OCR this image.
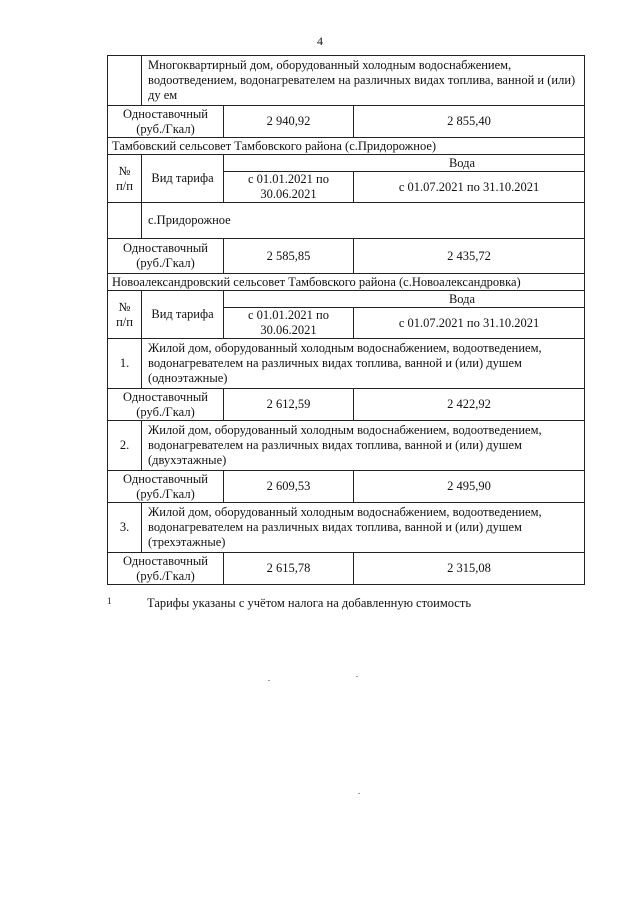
4
	Многоквартирный дом, оборудованный холодным водоснабжением, водоотведением, водонагревателем на различных видах топлива, ванной и (или) ду ем		
Одноставочный (руб./Гкал)		2 940,92	2 855,40
Тамбовский сельсовет Тамбовского района (с.Придорожное)			
№ п/п	Вид тарифа	Вода	
		с 01.01.2021 по 30.06.2021	с 01.07.2021 по 31.10.2021
	с.Придорожное		
Одноставочный (руб./Гкал)		2 585,85	2 435,72
Новоалександровский сельсовет Тамбовского района (с.Новоалександровка)			
№ п/п	Вид тарифа	Вода	
		с 01.01.2021 по 30.06.2021	с 01.07.2021 по 31.10.2021
1.	Жилой дом, оборудованный холодным водоснабжением, водоотведением, водонагревателем на различных видах топлива, ванной и (или) душем (одноэтажные)		
Одноставочный (руб./Гкал)		2 612,59	2 422,92
2.	Жилой дом, оборудованный холодным водоснабжением, водоотведением, водонагревателем на различных видах топлива, ванной и (или) душем (двухэтажные)		
Одноставочный (руб./Гкал)		2 609,53	2 495,90
3.	Жилой дом, оборудованный холодным водоснабжением, водоотведением, водонагревателем на различных видах топлива, ванной и (или) душем (трехэтажные)		
Одноставочный (руб./Гкал)		2 615,78	2 315,08
1	Тарифы указаны с учётом налога на добавленную стоимость
